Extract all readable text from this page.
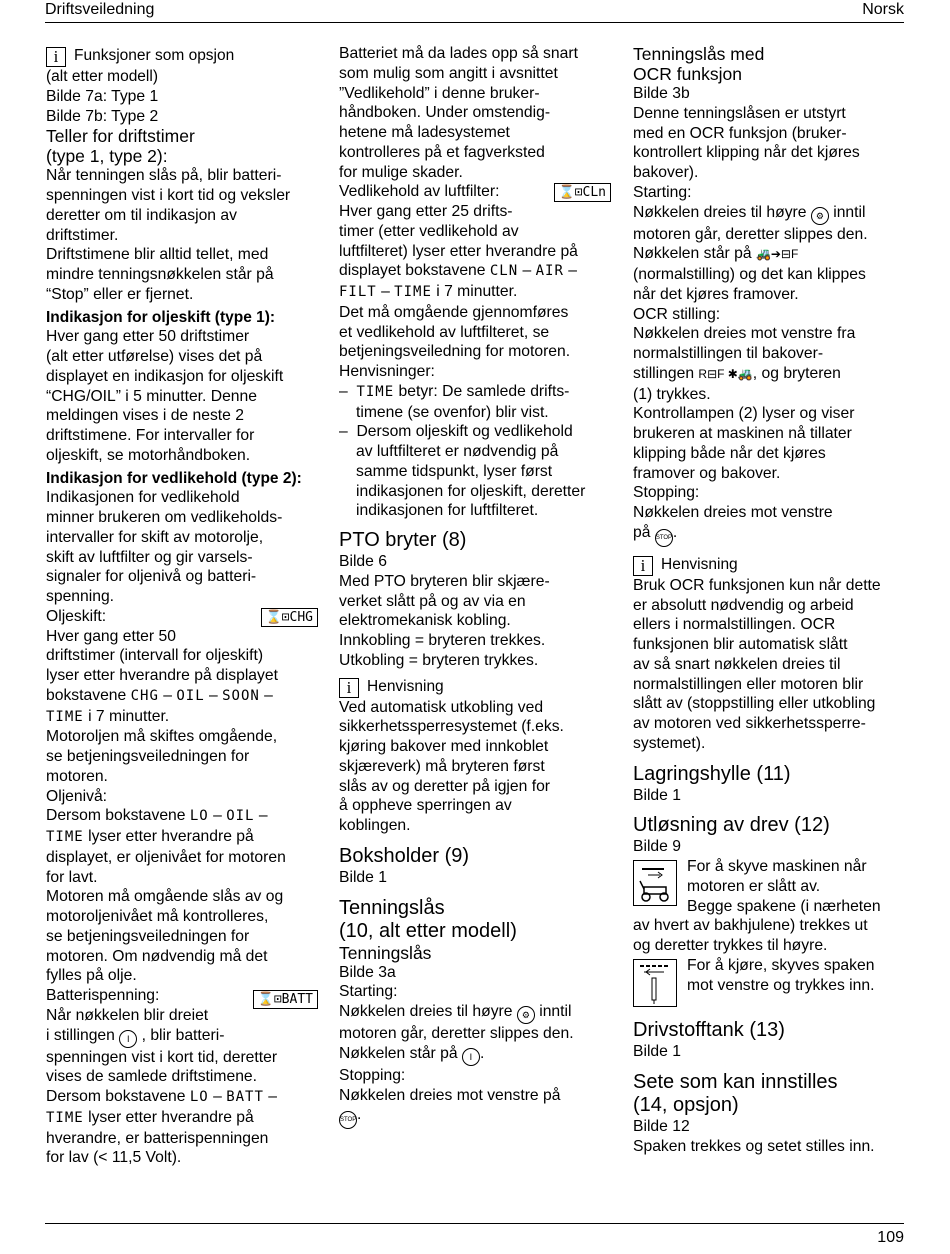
Driftsveiledning	Norsk

i Funksjoner som opsjon

(alt etter modell)

Bilde 7a: Type 1

Bilde 7b: Type 2

Teller for driftstimer

(type 1, type 2):

Når tenningen slås på, blir batteri-
spenningen vist i kort tid og veksler
deretter om til indikasjon av
driftstimer.
Driftstimene blir alltid tellet, med
mindre tenningsnøkkelen står på
“Stop” eller er fjernet.

Indikasjon for oljeskift (type 1):

Hver gang etter 50 driftstimer
(alt etter utførelse) vises det på
displayet en indikasjon for oljeskift
“CHG/OIL” i 5 minutter. Denne
meldingen vises i de neste 2
driftstimene. For intervaller for
oljeskift, se motorhåndboken.

Indikasjon for vedlikehold (type 2):

Indikasjonen for vedlikehold
minner brukeren om vedlikeholds-
intervaller for skift av motorolje,
skift av luftfilter og gir varsels-
signaler for oljenivå og batteri-
spenning.

⌛⊡CHG
Oljeskift:
Hver gang etter 50
driftstimer (intervall for oljeskift)
lyser etter hverandre på displayet
bokstavene CHG – OIL – SOON –
TIME i 7 minutter.
Motoroljen må skiftes omgående,
se betjeningsveiledningen for
motoren.

Oljenivå:
Dersom bokstavene LO – OIL –
TIME lyser etter hverandre på
displayet, er oljenivået for motoren
for lavt.
Motoren må omgående slås av og
motoroljenivået må kontrolleres,
se betjeningsveiledningen for
motoren. Om nødvendig må det
fylles på olje.

⌛⊡BATT
Batterispenning:
Når nøkkelen blir dreiet
i stillingen I , blir batteri-
spenningen vist i kort tid, deretter
vises de samlede driftstimene.
Dersom bokstavene LO – BATT –
TIME lyser etter hverandre på
hverandre, er batterispenningen
for lav (< 11,5 Volt).

Batteriet må da lades opp så snart
som mulig som angitt i avsnittet
”Vedlikehold” i denne bruker-
håndboken. Under omstendig-
hetene må ladesystemet
kontrolleres på et fagverksted
for mulige skader.

⌛⊡CLn
Vedlikehold av luftfilter:
Hver gang etter 25 drifts-
timer (etter vedlikehold av
luftfilteret) lyser etter hverandre på
displayet bokstavene CLN – AIR –
FILT – TIME i 7 minutter.
Det må omgående gjennomføres
et vedlikehold av luftfilteret, se
betjeningsveiledning for motoren.
Henvisninger:

–  TIME betyr: De samlede drifts-
timene (se ovenfor) blir vist.

–  Dersom oljeskift og vedlikehold
av luftfilteret er nødvendig på
samme tidspunkt, lyser først
indikasjonen for oljeskift, deretter
indikasjonen for luftfilteret.

PTO bryter (8)

Bilde 6

Med PTO bryteren blir skjære-
verket slått på og av via en
elektromekanisk kobling.
Innkobling = bryteren trekkes.
Utkobling = bryteren trykkes.

i Henvisning

Ved automatisk utkobling ved
sikkerhetssperresystemet (f.eks.
kjøring bakover med innkoblet
skjæreverk) må bryteren først
slås av og deretter på igjen for
å oppheve sperringen av
koblingen.

Boksholder (9)

Bilde 1

Tenningslås

(10, alt etter modell)

Tenningslås

Bilde 3a

Starting:
Nøkkelen dreies til høyre ⚙ inntil
motoren går, deretter slippes den.
Nøkkelen står på I .
Stopping:
Nøkkelen dreies mot venstre på
STOP.

Tenningslås med

OCR funksjon

Bilde 3b

Denne tenningslåsen er utstyrt
med en OCR funksjon (bruker-
kontrollert klipping når det kjøres
bakover).
Starting:
Nøkkelen dreies til høyre ⚙ inntil
motoren går, deretter slippes den.
Nøkkelen står på 🚜➔⊟F
(normalstilling) og det kan klippes
når det kjøres framover.
OCR stilling:
Nøkkelen dreies mot venstre fra
normalstillingen til bakover-
stillingen R⊟F ✱🚜, og bryteren
(1) trykkes.
Kontrollampen (2) lyser og viser
brukeren at maskinen nå tillater
klipping både når det kjøres
framover og bakover.
Stopping:
Nøkkelen dreies mot venstre
på STOP.

i Henvisning

Bruk OCR funksjonen kun når dette
er absolutt nødvendig og arbeid
ellers i normalstillingen. OCR
funksjonen blir automatisk slått
av så snart nøkkelen dreies til
normalstillingen eller motoren blir
slått av (stoppstilling eller utkobling
av motoren ved sikkerhetssperre-
systemet).

Lagringshylle (11)

Bilde 1

Utløsning av drev (12)

Bilde 9

For å skyve maskinen når
motoren er slått av.
Begge spakene (i nærheten
av hvert av bakhjulene) trekkes ut
og deretter trykkes til høyre.
For å kjøre, skyves spaken
mot venstre og trykkes inn.

Drivstofftank (13)

Bilde 1

Sete som kan innstilles

(14, opsjon)

Bilde 12

Spaken trekkes og setet stilles inn.

109
